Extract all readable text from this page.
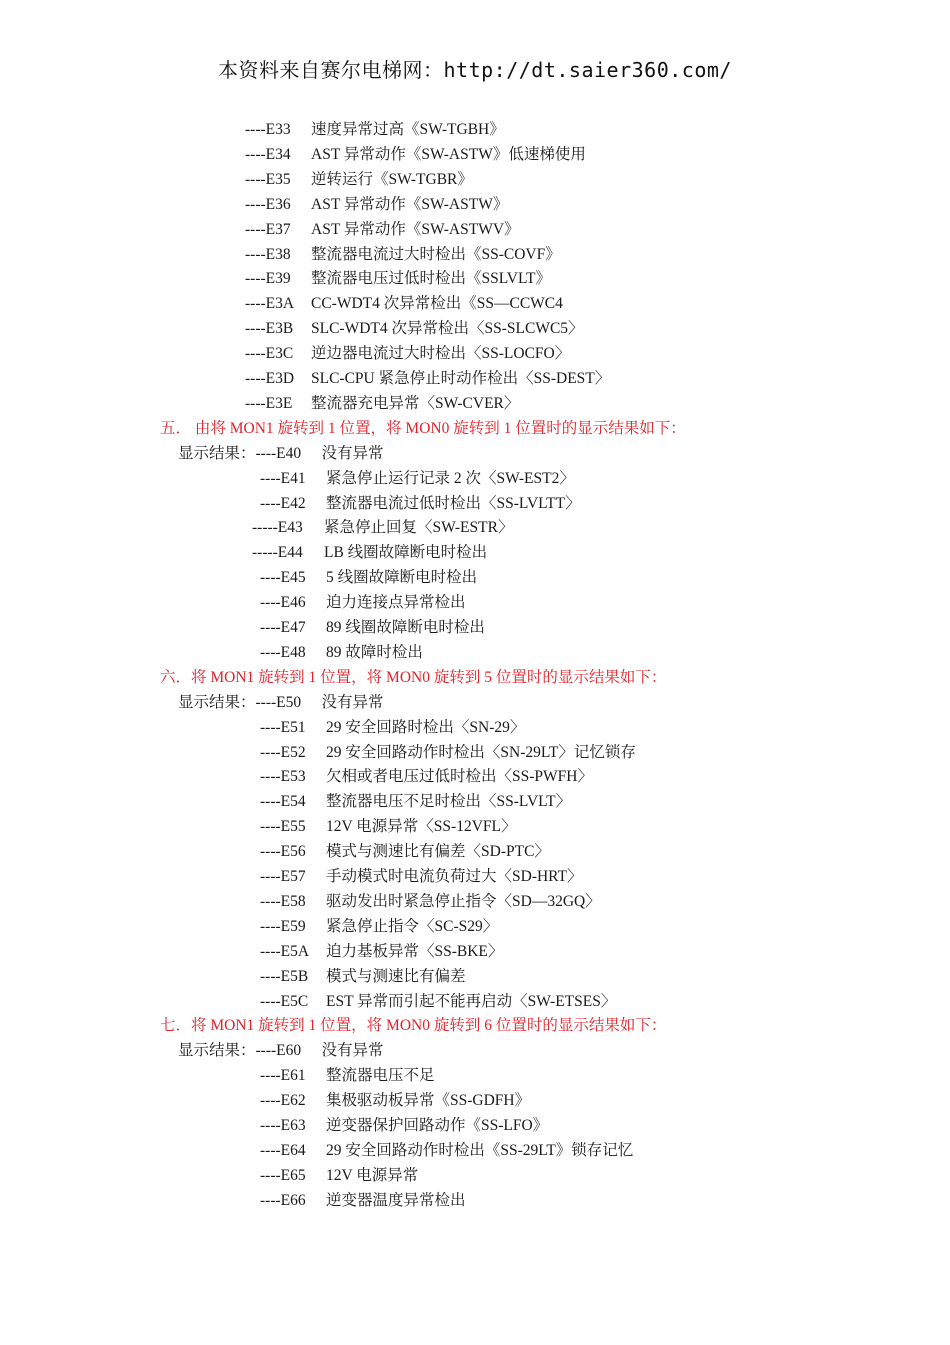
本资料来自赛尔电梯网：http://dt.saier360.com/
----E33 速度异常过高《SW-TGBH》
----E34 AST 异常动作《SW-ASTW》低速梯使用
----E35 逆转运行《SW-TGBR》
----E36 AST 异常动作《SW-ASTW》
----E37 AST 异常动作《SW-ASTWV》
----E38 整流器电流过大时检出《SS-COVF》
----E39 整流器电压过低时检出《SSLVLT》
----E3A CC-WDT4 次异常检出《SS—CCWC4
----E3B SLC-WDT4 次异常检出〈SS-SLCWC5〉
----E3C 逆边器电流过大时检出〈SS-LOCFO〉
----E3D SLC-CPU 紧急停止时动作检出〈SS-DEST〉
----E3E 整流器充电异常〈SW-CVER〉
五． 由将 MON1 旋转到 1 位置，将 MON0 旋转到 1 位置时的显示结果如下：
显示结果：----E40 没有异常
----E41 紧急停止运行记录 2 次〈SW-EST2〉
----E42 整流器电流过低时检出〈SS-LVLTT〉
-----E43 紧急停止回复〈SW-ESTR〉
-----E44 LB 线圈故障断电时检出
----E45 5 线圈故障断电时检出
----E46 迫力连接点异常检出
----E47 89 线圈故障断电时检出
----E48 89 故障时检出
六．将 MON1 旋转到 1 位置，将 MON0 旋转到 5 位置时的显示结果如下：
显示结果：----E50 没有异常
----E51 29 安全回路时检出〈SN-29〉
----E52 29 安全回路动作时检出〈SN-29LT〉记忆锁存
----E53 欠相或者电压过低时检出〈SS-PWFH〉
----E54 整流器电压不足时检出〈SS-LVLT〉
----E55 12V 电源异常〈SS-12VFL〉
----E56 模式与测速比有偏差〈SD-PTC〉
----E57 手动模式时电流负荷过大〈SD-HRT〉
----E58 驱动发出时紧急停止指令〈SD—32GQ〉
----E59 紧急停止指令〈SC-S29〉
----E5A 迫力基板异常〈SS-BKE〉
----E5B 模式与测速比有偏差
----E5C EST 异常而引起不能再启动〈SW-ETSES〉
七．将 MON1 旋转到 1 位置，将 MON0 旋转到 6 位置时的显示结果如下：
显示结果：----E60 没有异常
----E61 整流器电压不足
----E62 集极驱动板异常《SS-GDFH》
----E63 逆变器保护回路动作《SS-LFO》
----E64 29 安全回路动作时检出《SS-29LT》锁存记忆
----E65 12V 电源异常
----E66 逆变器温度异常检出
